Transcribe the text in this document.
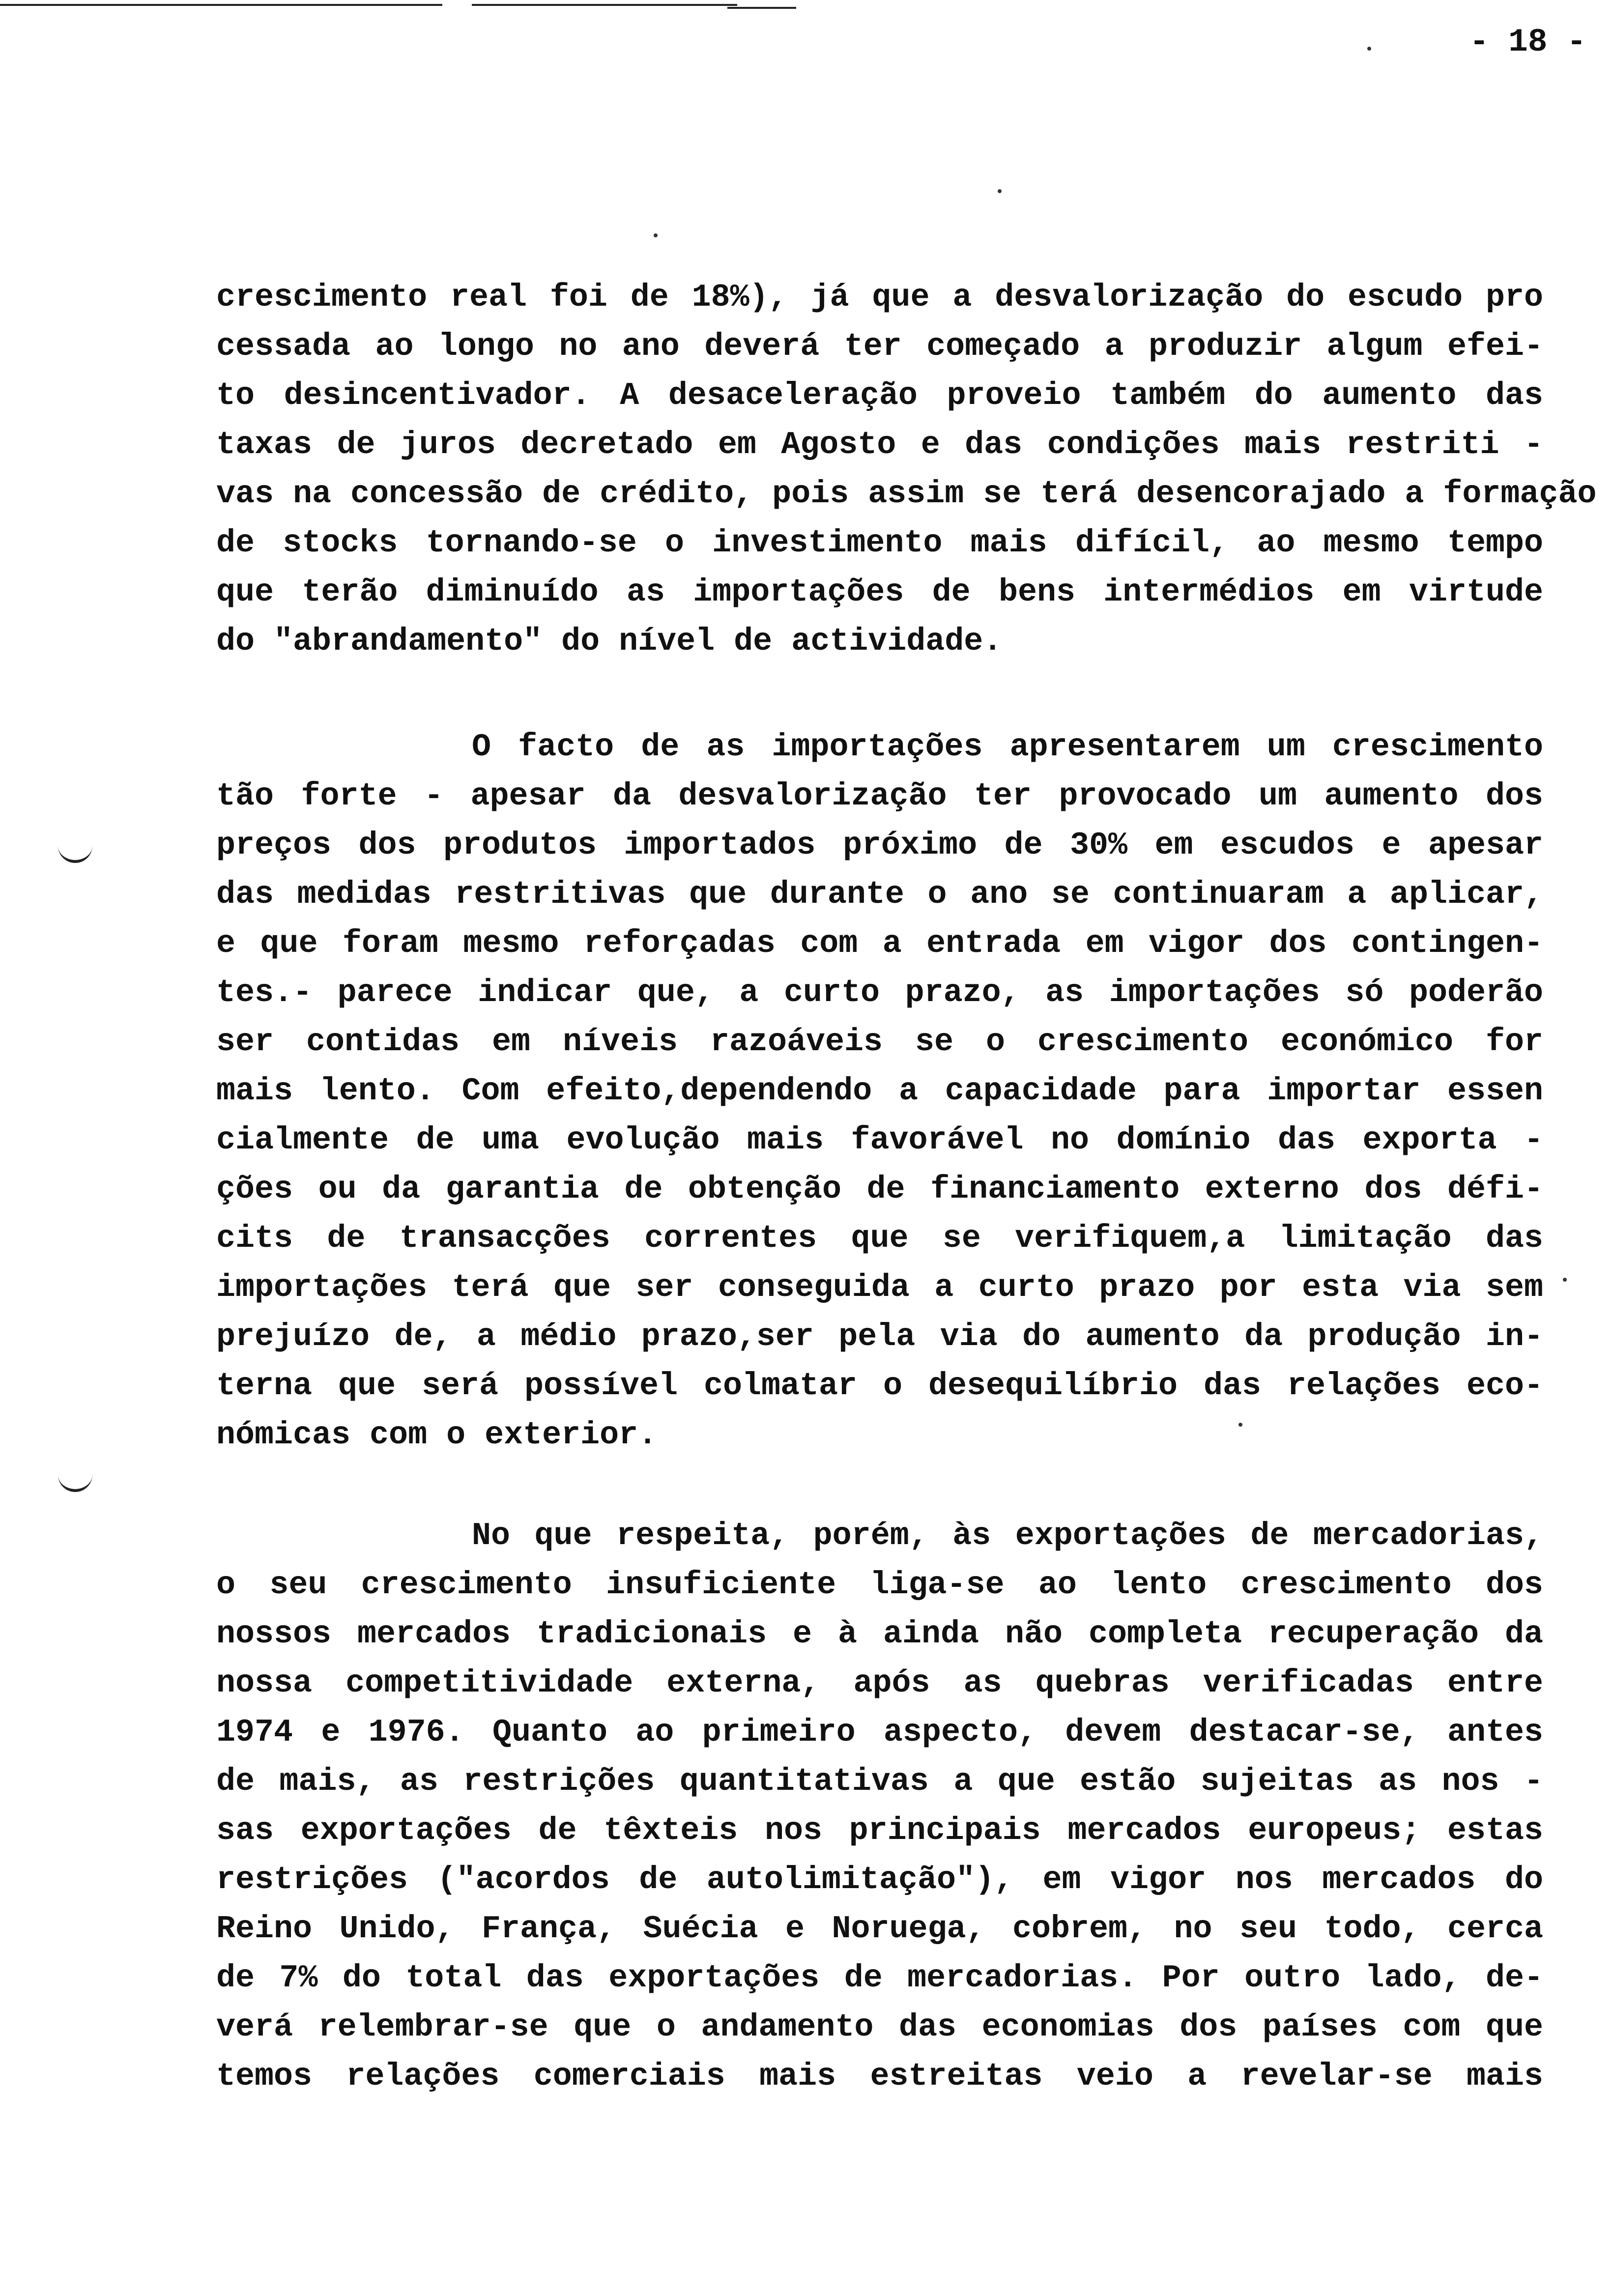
- 18 -
crescimento real foi de 18%), já que a desvalorização do escudo pro
cessada ao longo no ano deverá ter começado a produzir algum efei-
to desincentivador. A desaceleração proveio também do aumento das
taxas de juros decretado em Agosto e das condições mais restriti -
vas na concessão de crédito, pois assim se terá desencorajado a formação
de stocks tornando-se o investimento mais difícil, ao mesmo tempo
que terão diminuído as importações de bens intermédios em virtude
do "abrandamento" do nível de actividade.
O facto de as importações apresentarem um crescimento
tão forte - apesar da desvalorização ter provocado um aumento dos
preços dos produtos importados próximo de 30% em escudos e apesar
das medidas restritivas que durante o ano se continuaram a aplicar,
e que foram mesmo reforçadas com a entrada em vigor dos contingen-
tes.- parece indicar que, a curto prazo, as importações só poderão
ser contidas em níveis razoáveis se o crescimento económico for
mais lento. Com efeito,dependendo a capacidade para importar essen
cialmente de uma evolução mais favorável no domínio das exporta -
ções ou da garantia de obtenção de financiamento externo dos défi-
cits de transacções correntes que se verifiquem,a limitação das
importações terá que ser conseguida a curto prazo por esta via sem
prejuízo de, a médio prazo,ser pela via do aumento da produção in-
terna que será possível colmatar o desequilíbrio das relações eco-
nómicas com o exterior.
No que respeita, porém, às exportações de mercadorias,
o seu crescimento insuficiente liga-se ao lento crescimento dos
nossos mercados tradicionais e à ainda não completa recuperação da
nossa competitividade externa, após as quebras verificadas entre
1974 e 1976. Quanto ao primeiro aspecto, devem destacar-se, antes
de mais, as restrições quantitativas a que estão sujeitas as nos -
sas exportações de têxteis nos principais mercados europeus; estas
restrições ("acordos de autolimitação"), em vigor nos mercados do
Reino Unido, França, Suécia e Noruega, cobrem, no seu todo, cerca
de 7% do total das exportações de mercadorias. Por outro lado, de-
verá relembrar-se que o andamento das economias dos países com que
temos relações comerciais mais estreitas veio a revelar-se mais
